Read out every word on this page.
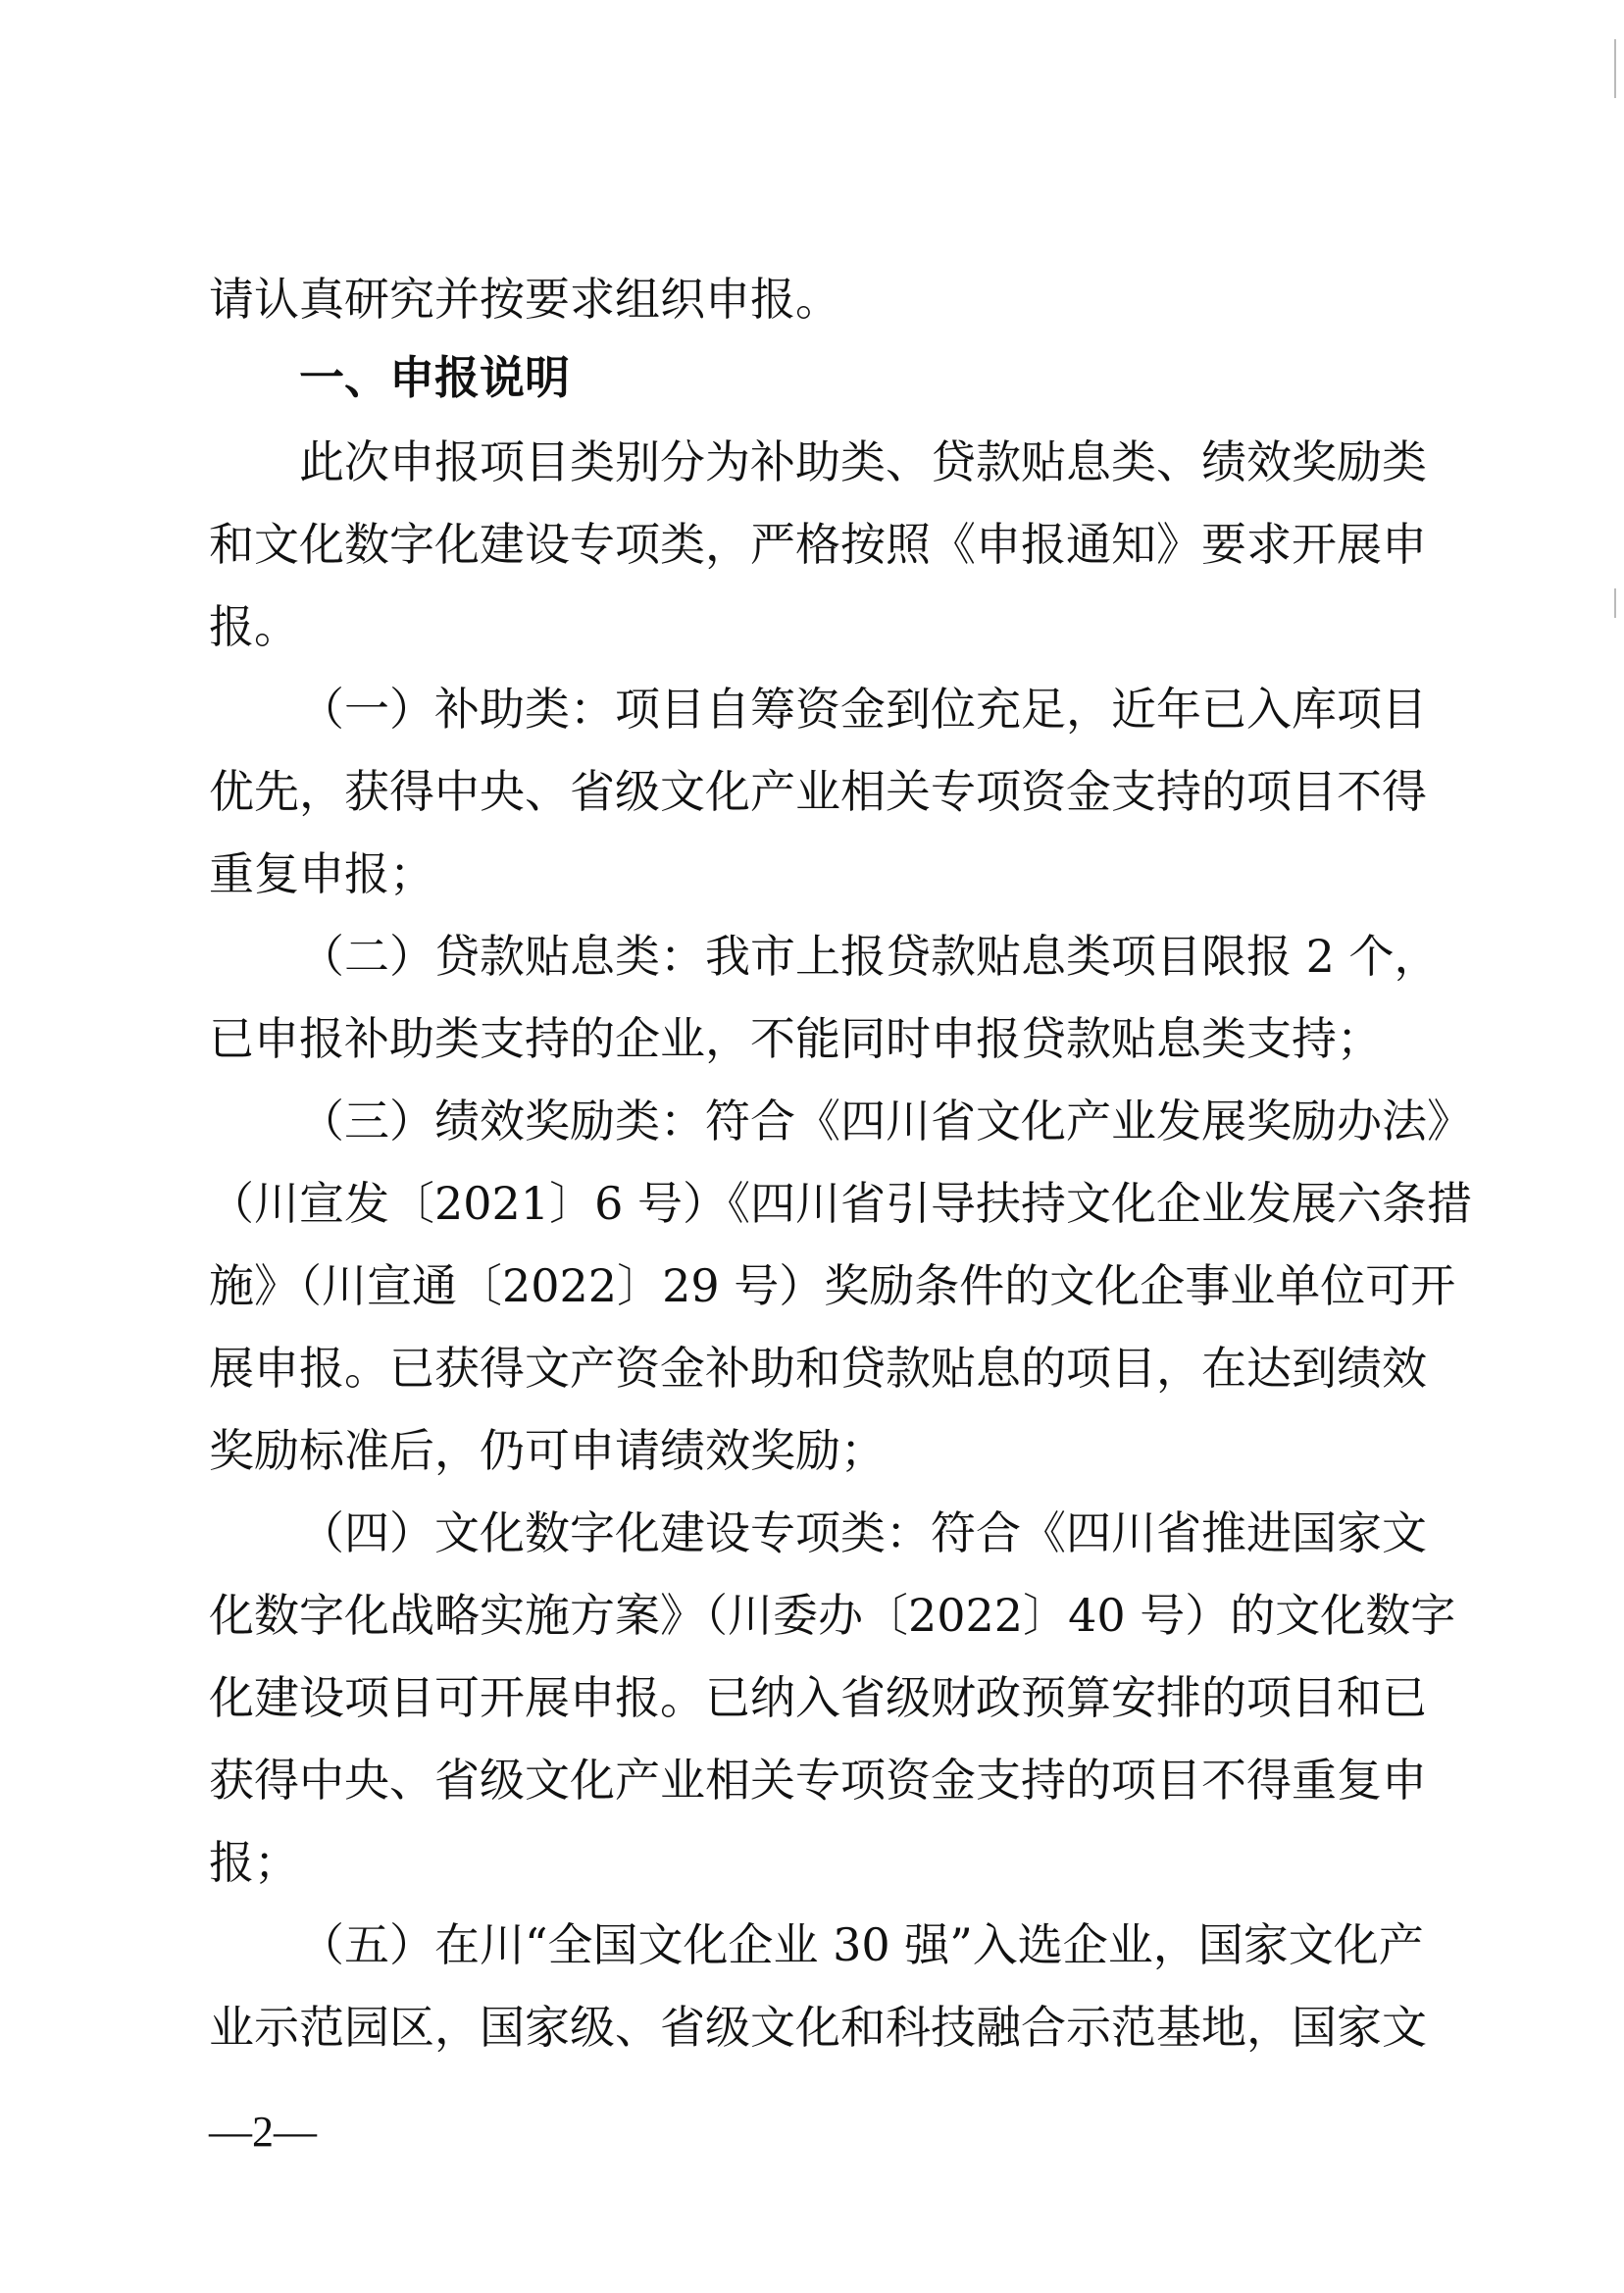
请认真研究并按要求组织申报。
一、申报说明
此次申报项目类别分为补助类、贷款贴息类、绩效奖励类
和文化数字化建设专项类，严格按照《申报通知》要求开展申
报。
（一）补助类：项目自筹资金到位充足，近年已入库项目
优先，获得中央、省级文化产业相关专项资金支持的项目不得
重复申报；
（二）贷款贴息类：我市上报贷款贴息类项目限报 2 个，
已申报补助类支持的企业，不能同时申报贷款贴息类支持；
（三）绩效奖励类：符合《四川省文化产业发展奖励办法》
（川宣发〔2021〕6 号）《四川省引导扶持文化企业发展六条措
施》（川宣通〔2022〕29 号）奖励条件的文化企事业单位可开
展申报。已获得文产资金补助和贷款贴息的项目，在达到绩效
奖励标准后，仍可申请绩效奖励；
（四）文化数字化建设专项类：符合《四川省推进国家文
化数字化战略实施方案》（川委办〔2022〕40 号）的文化数字
化建设项目可开展申报。已纳入省级财政预算安排的项目和已
获得中央、省级文化产业相关专项资金支持的项目不得重复申
报；
（五）在川“全国文化企业 30 强”入选企业，国家文化产
业示范园区，国家级、省级文化和科技融合示范基地，国家文
—2—
